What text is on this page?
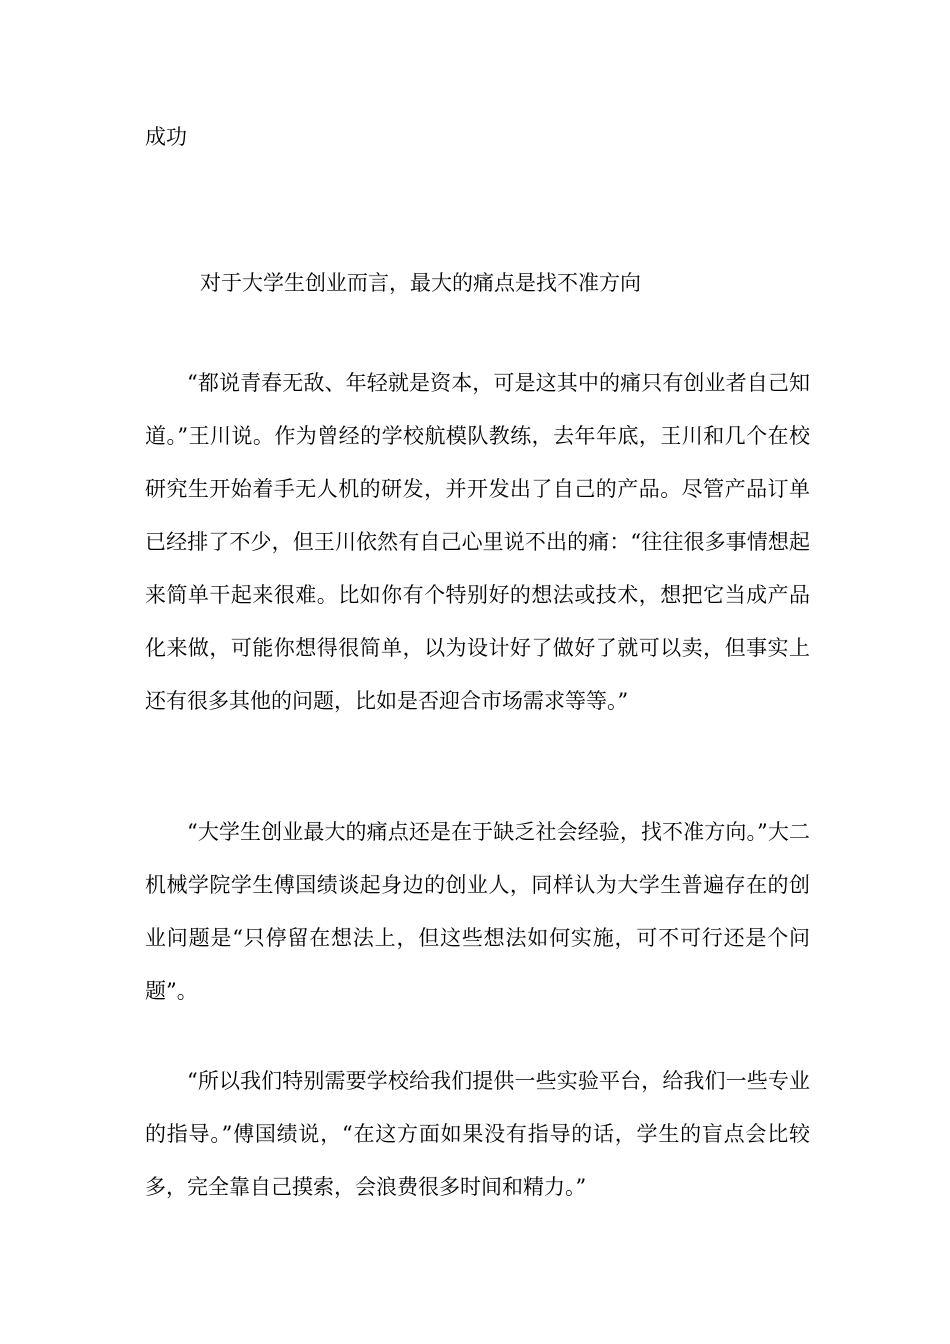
成功

对于大学生创业而言，最大的痛点是找不准方向

“都说青春无敌、年轻就是资本，可是这其中的痛只有创业者自己知道。”王川说。作为曾经的学校航模队教练，去年年底，王川和几个在校研究生开始着手无人机的研发，并开发出了自己的产品。尽管产品订单已经排了不少，但王川依然有自己心里说不出的痛：“往往很多事情想起来简单干起来很难。比如你有个特别好的想法或技术，想把它当成产品化来做，可能你想得很简单，以为设计好了做好了就可以卖，但事实上还有很多其他的问题，比如是否迎合市场需求等等。”

“大学生创业最大的痛点还是在于缺乏社会经验，找不准方向。”大二机械学院学生傅国绩谈起身边的创业人，同样认为大学生普遍存在的创业问题是“只停留在想法上，但这些想法如何实施，可不可行还是个问题”。

“所以我们特别需要学校给我们提供一些实验平台，给我们一些专业的指导。”傅国绩说，“在这方面如果没有指导的话，学生的盲点会比较多，完全靠自己摸索，会浪费很多时间和精力。”
